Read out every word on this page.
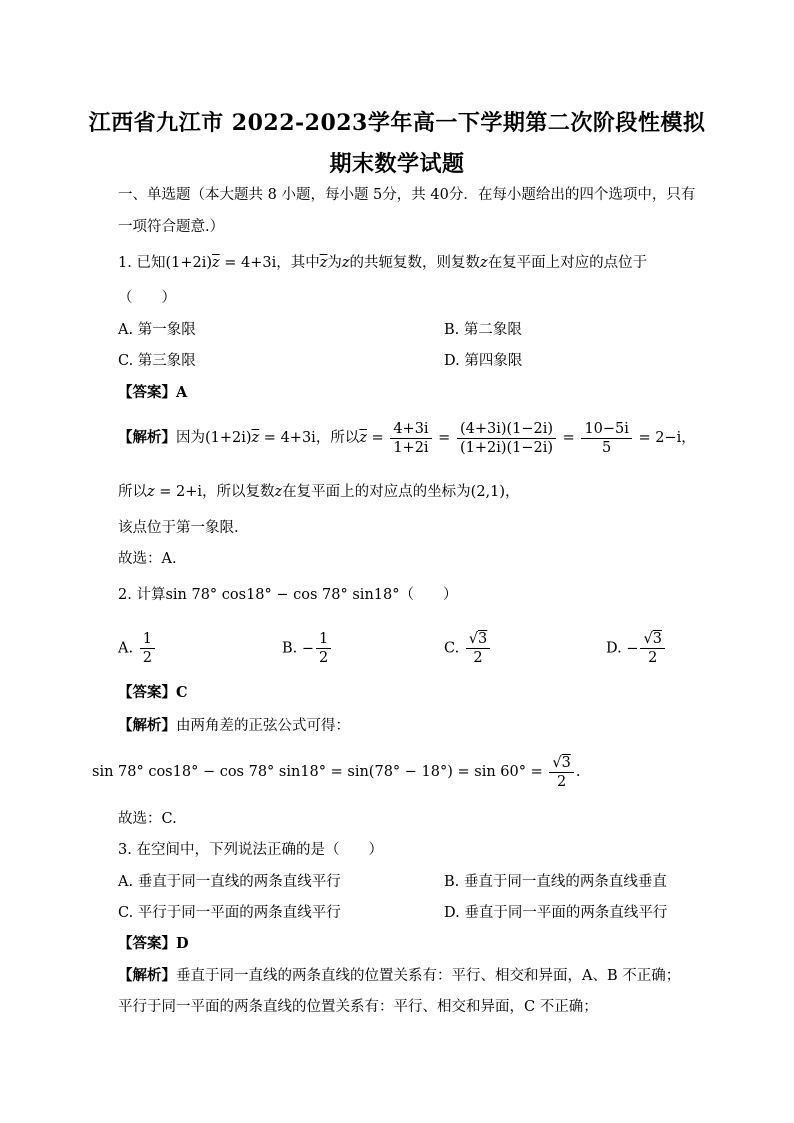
江西省九江市 2022-2023学年高一下学期第二次阶段性模拟
期末数学试题
一、单选题（本大题共 8 小题，每小题 5分，共 40分．在每小题给出的四个选项中，只有
一项符合题意.）
1. 已知$(1+2i)\overline{z} = 4+3i$，其中$\overline{z}$为z的共轭复数，则复数z在复平面上对应的点位于
（　　）
A. 第一象限	B. 第二象限
C. 第三象限	D. 第四象限
【答案】A
【解析】因为$(1+2i)\overline{z} = 4+3i$，所以$\overline{z} = \frac{4+3i}{1+2i} = \frac{(4+3i)(1-2i)}{(1+2i)(1-2i)} = \frac{10-5i}{5} = 2-i$，
所以z = 2+i，所以复数z在复平面上的对应点的坐标为(2,1)，
该点位于第一象限.
故选：A.
2. 计算sin 78° cos18° − cos 78° sin18°（　　）
A. $\frac{1}{2}$	B. − $\frac{1}{2}$	C. $\frac{√3}{2}$	D. − $\frac{√3}{2}$
【答案】C
【解析】由两角差的正弦公式可得：
sin 78° cos18° − cos 78° $\sin 18^\circ = \sin(78^\circ - 18^\circ) = \sin 60^\circ = \frac{√3}{2}$ .
故选：C.
3. 在空间中，下列说法正确的是（　　）
A. 垂直于同一直线的两条直线平行	B. 垂直于同一直线的两条直线垂直
C. 平行于同一平面的两条直线平行	D. 垂直于同一平面的两条直线平行
【答案】D
【解析】垂直于同一直线的两条直线的位置关系有：平行、相交和异面，A、B 不正确；
平行于同一平面的两条直线的位置关系有：平行、相交和异面，C 不正确；
